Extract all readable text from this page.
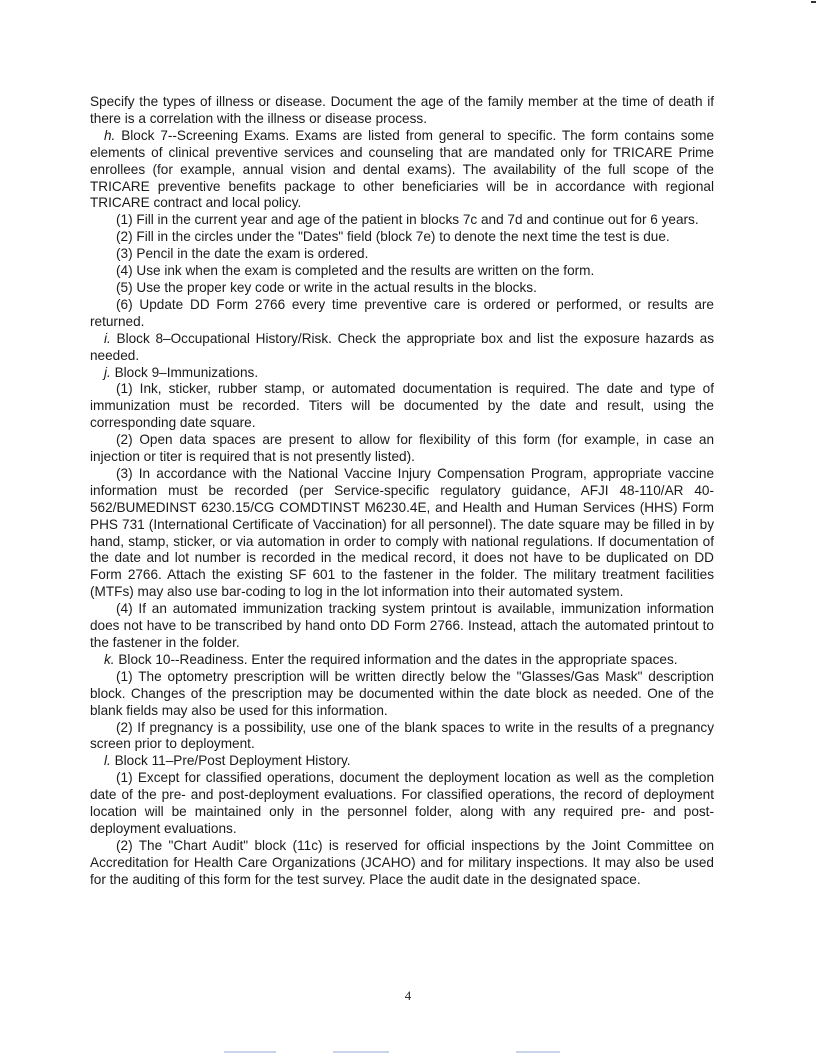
Specify the types of illness or disease. Document the age of the family member at the time of death if there is a correlation with the illness or disease process.

h. Block 7--Screening Exams. Exams are listed from general to specific. The form contains some elements of clinical preventive services and counseling that are mandated only for TRICARE Prime enrollees (for example, annual vision and dental exams). The availability of the full scope of the TRICARE preventive benefits package to other beneficiaries will be in accordance with regional TRICARE contract and local policy.

(1) Fill in the current year and age of the patient in blocks 7c and 7d and continue out for 6 years.

(2) Fill in the circles under the "Dates" field (block 7e) to denote the next time the test is due.

(3) Pencil in the date the exam is ordered.

(4) Use ink when the exam is completed and the results are written on the form.

(5) Use the proper key code or write in the actual results in the blocks.

(6) Update DD Form 2766 every time preventive care is ordered or performed, or results are returned.

i. Block 8–Occupational History/Risk. Check the appropriate box and list the exposure hazards as needed.

j. Block 9–Immunizations.

(1) Ink, sticker, rubber stamp, or automated documentation is required. The date and type of immunization must be recorded. Titers will be documented by the date and result, using the corresponding date square.

(2) Open data spaces are present to allow for flexibility of this form (for example, in case an injection or titer is required that is not presently listed).

(3) In accordance with the National Vaccine Injury Compensation Program, appropriate vaccine information must be recorded (per Service-specific regulatory guidance, AFJI 48-110/AR 40-562/BUMEDINST 6230.15/CG COMDTINST M6230.4E, and Health and Human Services (HHS) Form PHS 731 (International Certificate of Vaccination) for all personnel). The date square may be filled in by hand, stamp, sticker, or via automation in order to comply with national regulations. If documentation of the date and lot number is recorded in the medical record, it does not have to be duplicated on DD Form 2766. Attach the existing SF 601 to the fastener in the folder. The military treatment facilities (MTFs) may also use bar-coding to log in the lot information into their automated system.

(4) If an automated immunization tracking system printout is available, immunization information does not have to be transcribed by hand onto DD Form 2766. Instead, attach the automated printout to the fastener in the folder.

k. Block 10--Readiness. Enter the required information and the dates in the appropriate spaces.

(1) The optometry prescription will be written directly below the "Glasses/Gas Mask" description block. Changes of the prescription may be documented within the date block as needed. One of the blank fields may also be used for this information.

(2) If pregnancy is a possibility, use one of the blank spaces to write in the results of a pregnancy screen prior to deployment.

l. Block 11–Pre/Post Deployment History.

(1) Except for classified operations, document the deployment location as well as the completion date of the pre- and post-deployment evaluations. For classified operations, the record of deployment location will be maintained only in the personnel folder, along with any required pre- and post-deployment evaluations.

(2) The "Chart Audit" block (11c) is reserved for official inspections by the Joint Committee on Accreditation for Health Care Organizations (JCAHO) and for military inspections. It may also be used for the auditing of this form for the test survey. Place the audit date in the designated space.

4
